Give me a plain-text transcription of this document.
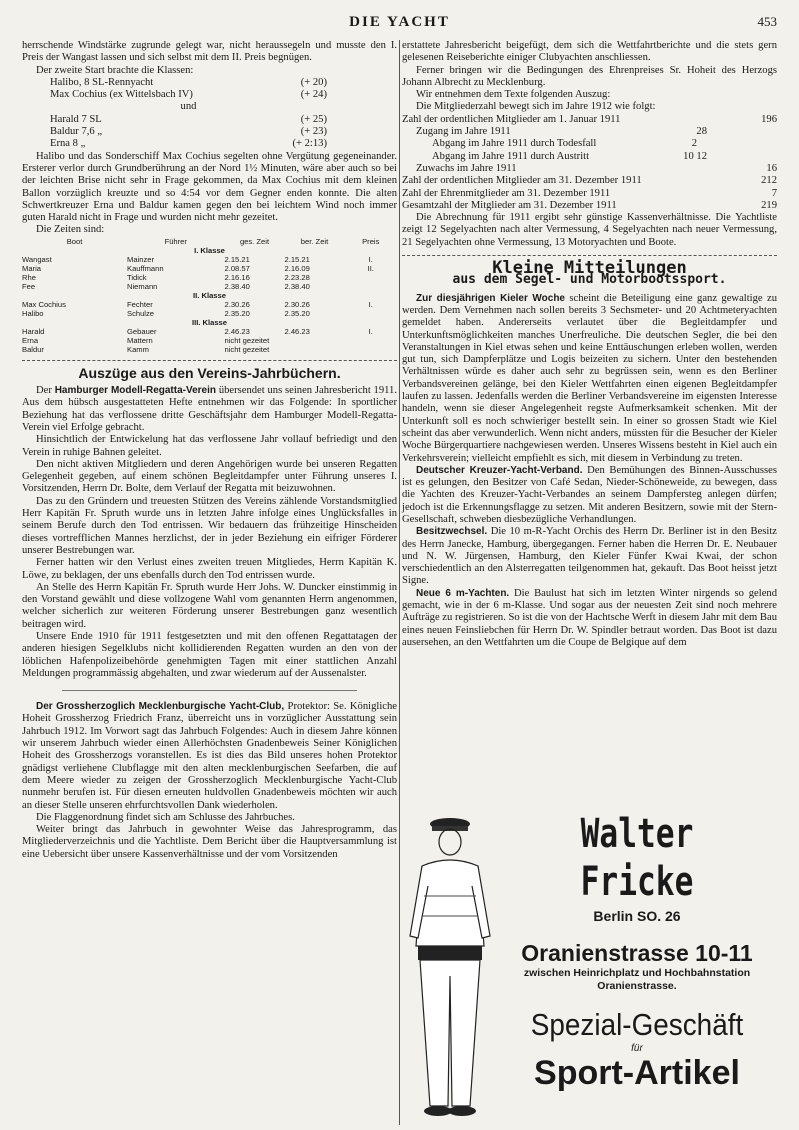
DIE YACHT	453

herrschende Windstärke zugrunde gelegt war, nicht heraussegeln und musste den I. Preis der Wangast lassen und sich selbst mit dem II. Preis begnügen.

Der zweite Start brachte die Klassen:

Halibo, 8 SL-Rennyacht	(+ 20)
Max Cochius (ex Wittelsbach IV)	(+ 24)
und
Harald 7 SL	(+ 25)
Baldur 7,6 „	(+ 23)
Erna 8 „	(+ 2:13)

Halibo und das Sonderschiff Max Cochius segelten ohne Vergütung gegeneinander. Ersterer verlor durch Grundberührung an der Nord 1½ Minuten, wäre aber auch so bei der leichten Brise nicht sehr in Frage gekommen, da Max Cochius mit dem kleinen Ballon vorzüglich kreuzte und so 4:54 vor dem Gegner enden konnte. Die alten Schwertkreuzer Erna und Baldur kamen gegen den bei leichtem Wind noch immer guten Harald nicht in Frage und wurden nicht mehr gezeitet.

Die Zeiten sind:

Boot	Führer	ges. Zeit	ber. Zeit	Preis
I. Klasse				
Wangast	Mainzer	2.15.21	2.15.21	I.
Maria	Kauffmann	2.08.57	2.16.09	II.
Rhe	Tidick	2.16.16	2.23.28	
Fee	Niemann	2.38.40	2.38.40	
II. Klasse				
Max Cochius	Fechter	2.30.26	2.30.26	I.
Halibo	Schulze	2.35.20	2.35.20	
III. Klasse				
Harald	Gebauer	2.46.23	2.46.23	I.
Erna	Mattern	nicht gezeitet		
Baldur	Kamm	nicht gezeitet		
Auszüge aus den Vereins-Jahrbüchern.

Der Hamburger Modell-Regatta-Verein übersendet uns seinen Jahresbericht 1911. Aus dem hübsch ausgestatteten Hefte entnehmen wir das Folgende: In sportlicher Beziehung hat das verflossene dritte Geschäftsjahr dem Hamburger Modell-Regatta-Verein viel Erfolge gebracht.

Hinsichtlich der Entwickelung hat das verflossene Jahr vollauf befriedigt und den Verein in ruhige Bahnen geleitet.

Den nicht aktiven Mitgliedern und deren Angehörigen wurde bei unseren Regatten Gelegenheit gegeben, auf einem schönen Begleitdampfer unter Führung unseres I. Vorsitzenden, Herrn Dr. Bolte, dem Verlauf der Regatta mit beizuwohnen.

Das zu den Gründern und treuesten Stützen des Vereins zählende Vorstandsmitglied Herr Kapitän Fr. Spruth wurde uns in letzten Jahre infolge eines Unglücksfalles in seinem Berufe durch den Tod entrissen. Wir bedauern das frühzeitige Hinscheiden dieses vortrefflichen Mannes herzlichst, der in jeder Beziehung ein eifriger Förderer unserer Bestrebungen war.

Ferner hatten wir den Verlust eines zweiten treuen Mitgliedes, Herrn Kapitän K. Löwe, zu beklagen, der uns ebenfalls durch den Tod entrissen wurde.

An Stelle des Herrn Kapitän Fr. Spruth wurde Herr Johs. W. Duncker einstimmig in den Vorstand gewählt und diese vollzogene Wahl vom genannten Herrn angenommen, welcher sicherlich zur weiteren Förderung unserer Bestrebungen ganz wesentlich beitragen wird.

Unsere Ende 1910 für 1911 festgesetzten und mit den offenen Regattatagen der anderen hiesigen Segelklubs nicht kollidierenden Regatten wurden an den von der löblichen Hafenpolizeibehörde genehmigten Tagen mit einer stattlichen Anzahl Meldungen programmässig abgehalten, und zwar wiederum auf der Aussenalster.

Der Grossherzoglich Mecklenburgische Yacht-Club, Protektor: Se. Königliche Hoheit Grossherzog Friedrich Franz, überreicht uns in vorzüglicher Ausstattung sein Jahrbuch 1912. Im Vorwort sagt das Jahrbuch Folgendes: Auch in diesem Jahre können wir unserem Jahrbuch wieder einen Allerhöchsten Gnadenbeweis Seiner Königlichen Hoheit des Grossherzogs voranstellen. Es ist dies das Bild unseres hohen Protektor gnädigst verliehene Clubflagge mit den alten mecklenburgischen Seefarben, die auf dem Meere wieder zu zeigen der Grossherzoglich Mecklenburgische Yacht-Club nunmehr berufen ist. Für diesen erneuten huldvollen Gnadenbeweis möchten wir auch an dieser Stelle unseren ehrfurchtsvollen Dank wiederholen.

Die Flaggenordnung findet sich am Schlusse des Jahrbuches.

Weiter bringt das Jahrbuch in gewohnter Weise das Jahresprogramm, das Mitgliederverzeichnis und die Yachtliste. Dem Bericht über die Hauptversammlung ist eine Uebersicht über unsere Kassenverhältnisse und der vom Vorsitzenden

erstattete Jahresbericht beigefügt, dem sich die Wettfahrtberichte und die stets gern gelesenen Reiseberichte einiger Clubyachten anschliessen.

Ferner bringen wir die Bedingungen des Ehrenpreises Sr. Hoheit des Herzogs Johann Albrecht zu Mecklenburg.

Wir entnehmen dem Texte folgenden Auszug:

Die Mitgliederzahl bewegt sich im Jahre 1912 wie folgt:

Zahl der ordentlichen Mitglieder am 1. Januar 1911	196
Zugang im Jahre 1911	28
Abgang im Jahre 1911 durch Todesfall	2
Abgang im Jahre 1911 durch Austritt	10 12
Zuwachs im Jahre 1911	16
Zahl der ordentlichen Mitglieder am 31. Dezember 1911	212
Zahl der Ehrenmitglieder am 31. Dezember 1911	7
Gesamtzahl der Mitglieder am 31. Dezember 1911	219

Die Abrechnung für 1911 ergibt sehr günstige Kassenverhältnisse. Die Yachtliste zeigt 12 Segelyachten nach alter Vermessung, 4 Segelyachten nach neuer Vermessung, 21 Segelyachten ohne Vermessung, 13 Motoryachten und Boote.

Kleine Mitteilungen
aus dem Segel- und Motorbootssport.

Zur diesjährigen Kieler Woche scheint die Beteiligung eine ganz gewaltige zu werden. Dem Vernehmen nach sollen bereits 3 Sechsmeter- und 20 Achtmeteryachten gemeldet haben. Andererseits verlautet über die Begleitdampfer und Unterkunftsmöglichkeiten manches Unerfreuliche. Die deutschen Segler, die bei den Veranstaltungen in Kiel etwas sehen und keine Enttäuschungen erleben wollen, werden gut tun, sich Dampferplätze und Logis beizeiten zu sichern. Unter den bestehenden Verhältnissen würde es daher auch sehr zu begrüssen sein, wenn es den Berliner Verbandsvereinen gelänge, bei den Kieler Wettfahrten einen eigenen Begleitdampfer laufen zu lassen. Jedenfalls werden die Berliner Verbandsvereine im eigensten Interesse handeln, wenn sie dieser Angelegenheit regste Aufmerksamkeit schenken. Mit der Unterkunft soll es noch schwieriger bestellt sein. In einer so grossen Stadt wie Kiel scheint das aber verwunderlich. Wenn nicht anders, müssten für die Besucher der Kieler Woche Bürgerquartiere nachgewiesen werden. Unseres Wissens besteht in Kiel auch ein Verkehrsverein; vielleicht empfiehlt es sich, mit diesem in Verbindung zu treten.

Deutscher Kreuzer-Yacht-Verband. Den Bemühungen des Binnen-Ausschusses ist es gelungen, den Besitzer von Café Sedan, Nieder-Schöneweide, zu bewegen, dass die Yachten des Kreuzer-Yacht-Verbandes an seinem Dampfersteg anlegen dürfen; jedoch ist die Erkennungsflagge zu setzen. Mit anderen Besitzern, sowie mit der Stern-Gesellschaft, schweben diesbezügliche Verhandlungen.

Besitzwechsel. Die 10 m-R-Yacht Orchis des Herrn Dr. Berliner ist in den Besitz des Herrn Janecke, Hamburg, übergegangen. Ferner haben die Herren Dr. E. Neubauer und N. W. Jürgensen, Hamburg, den Kieler Fünfer Kwai Kwai, der schon verschiedentlich an den Alsterregatten teilgenommen hat, gekauft. Das Boot heisst jetzt Signe.

Neue 6 m-Yachten. Die Baulust hat sich im letzten Winter nirgends so gelend gemacht, wie in der 6 m-Klasse. Und sogar aus der neuesten Zeit sind noch mehrere Aufträge zu registrieren. So ist die von der Hachtsche Werft in diesem Jahr mit dem Bau eines neuen Feinsliebchen für Herrn Dr. W. Spindler betraut worden. Das Boot ist dazu ausersehen, an den Wettfahrten um die Coupe de Belgique auf dem

Walter Fricke
Berlin SO. 26
Oranienstrasse 10-11
zwischen Heinrichplatz und Hochbahnstation Oranienstrasse.
Spezial-Geschäft
für
Sport-Artikel
